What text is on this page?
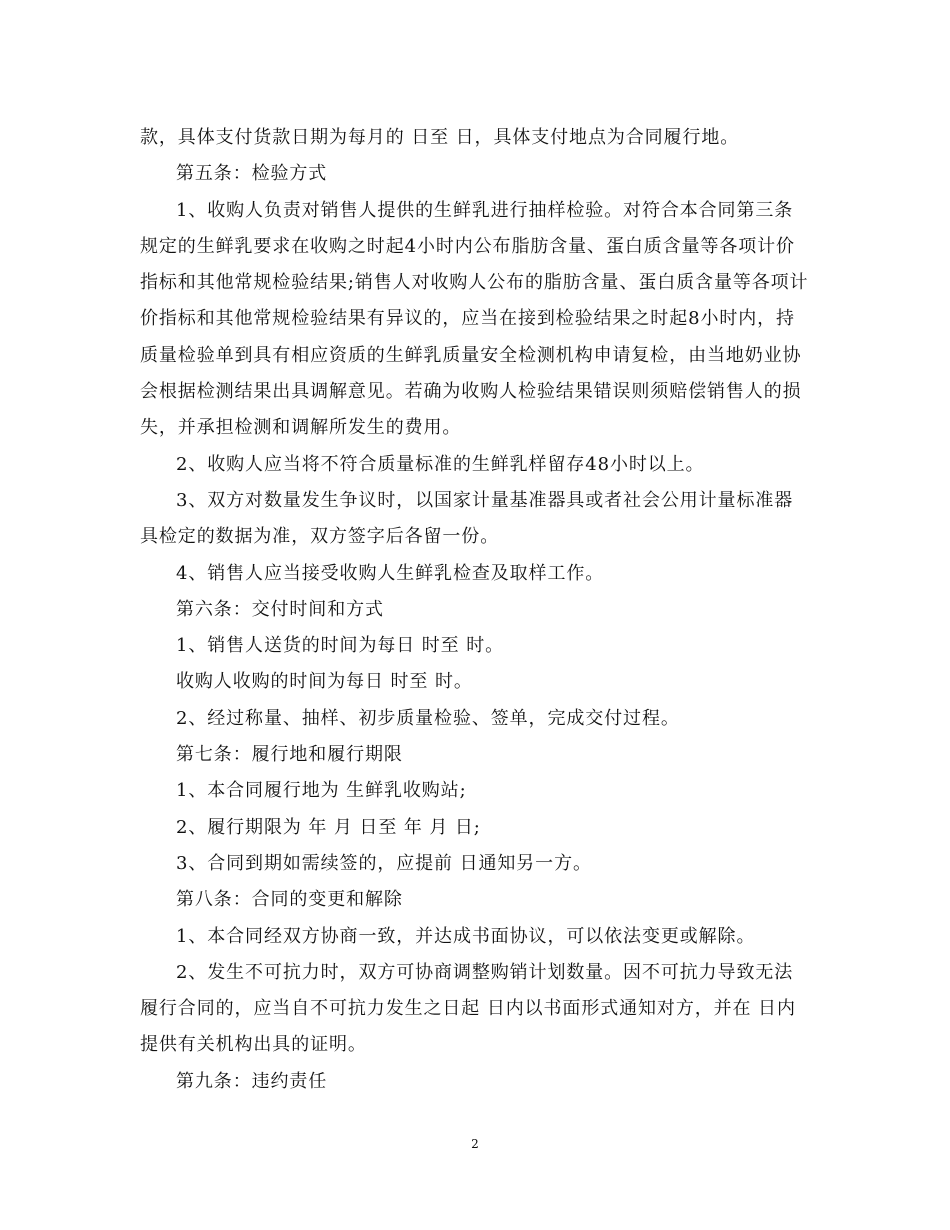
款，具体支付货款日期为每月的 日至 日，具体支付地点为合同履行地。

第五条：检验方式

1、收购人负责对销售人提供的生鲜乳进行抽样检验。对符合本合同第三条规定的生鲜乳要求在收购之时起4小时内公布脂肪含量、蛋白质含量等各项计价指标和其他常规检验结果;销售人对收购人公布的脂肪含量、蛋白质含量等各项计价指标和其他常规检验结果有异议的，应当在接到检验结果之时起8小时内，持质量检验单到具有相应资质的生鲜乳质量安全检测机构申请复检，由当地奶业协会根据检测结果出具调解意见。若确为收购人检验结果错误则须赔偿销售人的损失，并承担检测和调解所发生的费用。

2、收购人应当将不符合质量标准的生鲜乳样留存48小时以上。

3、双方对数量发生争议时，以国家计量基准器具或者社会公用计量标准器具检定的数据为准，双方签字后各留一份。

4、销售人应当接受收购人生鲜乳检查及取样工作。

第六条：交付时间和方式

1、销售人送货的时间为每日 时至 时。

收购人收购的时间为每日 时至 时。

2、经过称量、抽样、初步质量检验、签单，完成交付过程。

第七条：履行地和履行期限

1、本合同履行地为 生鲜乳收购站;

2、履行期限为 年 月 日至 年 月 日;

3、合同到期如需续签的，应提前 日通知另一方。

第八条：合同的变更和解除

1、本合同经双方协商一致，并达成书面协议，可以依法变更或解除。

2、发生不可抗力时，双方可协商调整购销计划数量。因不可抗力导致无法履行合同的，应当自不可抗力发生之日起 日内以书面形式通知对方，并在 日内提供有关机构出具的证明。

第九条：违约责任

2
